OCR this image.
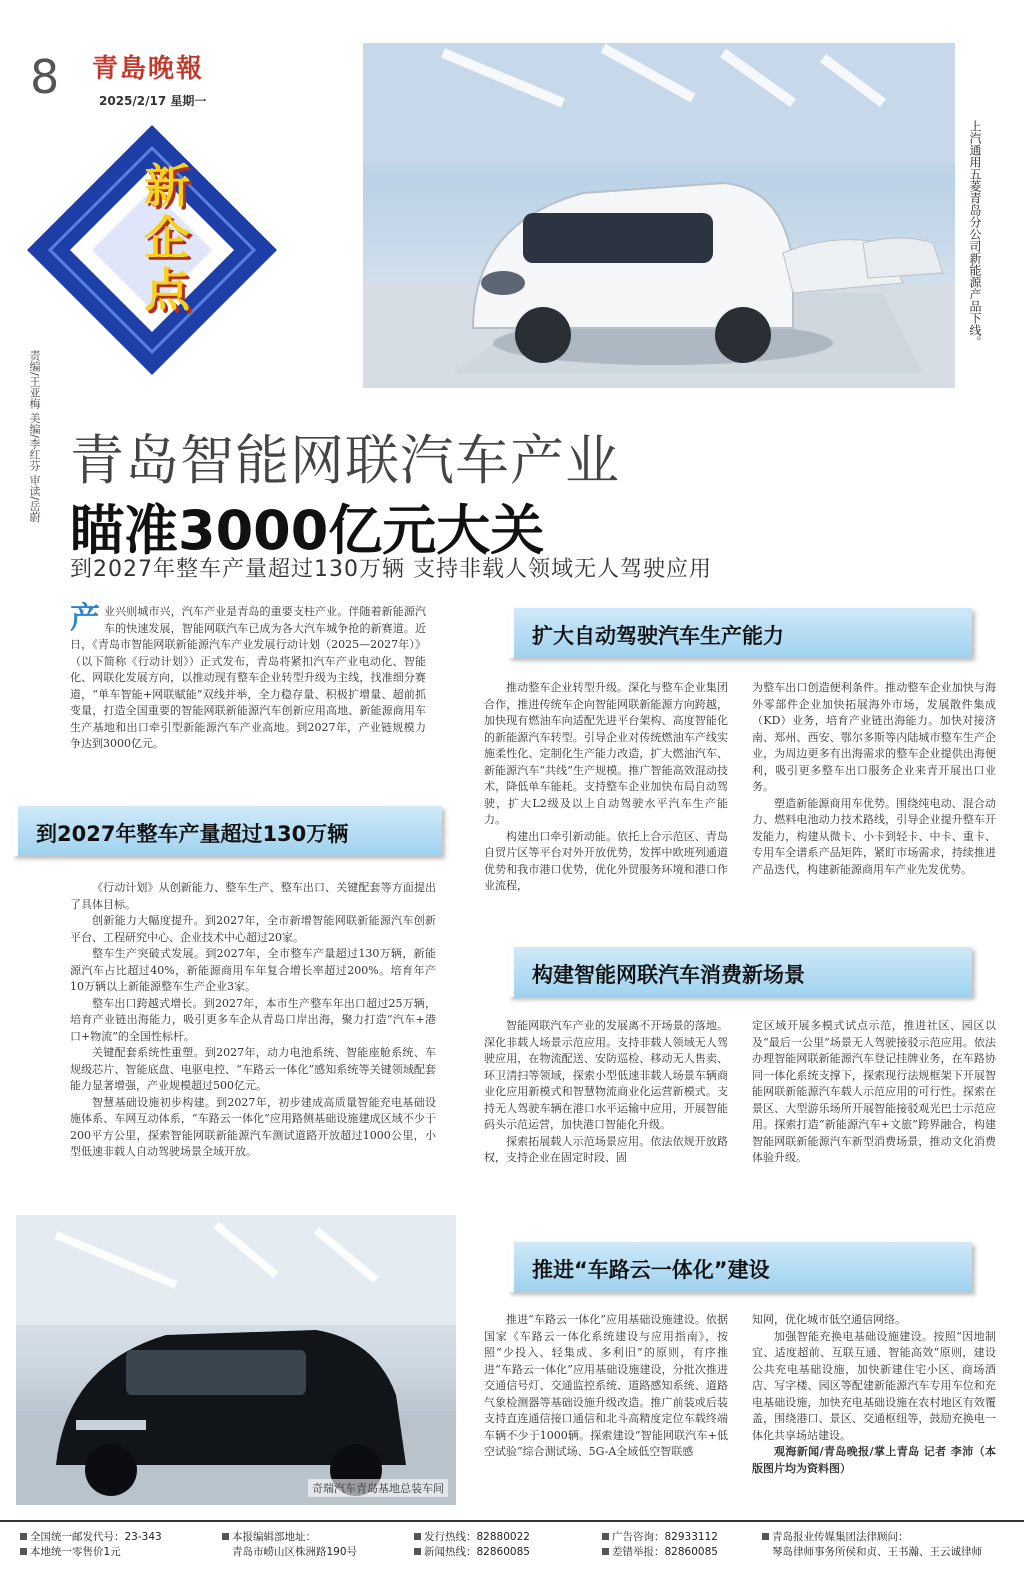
8 青島晚報
2025/2/17 星期一
新
企
点	上汽通用五菱青岛分公司新能源产品下线。
责编/王亚梅 美编/李红芬 审读/岳蔚 青岛智能网联汽车产业
瞄准3000亿元大关
到2027年整车产量超过130万辆 支持非载人领域无人驾驶应用
产业兴则城市兴，汽车产业是青岛的重要支柱产业。伴随着新能源汽车的快速发展，智能网联汽车已成为各大汽车城争抢的新赛道。近日，《青岛市智能网联新能源汽车产业发展行动计划（2025—2027年）》（以下简称《行动计划》）正式发布，青岛将紧扣汽车产业电动化、智能化、网联化发展方向，以推动现有整车企业转型升级为主线，找准细分赛道，“单车智能+网联赋能”双线并举，全力稳存量、积极扩增量、超前抓变量，打造全国重要的智能网联新能源汽车创新应用高地、新能源商用车生产基地和出口牵引型新能源汽车产业高地。到2027年，产业链规模力争达到3000亿元。
到2027年整车产量超过130万辆

《行动计划》从创新能力、整车生产、整车出口、关键配套等方面提出了具体目标。

创新能力大幅度提升。到2027年，全市新增智能网联新能源汽车创新平台、工程研究中心、企业技术中心超过20家。

整车生产突破式发展。到2027年，全市整车产量超过130万辆，新能源汽车占比超过40%，新能源商用车年复合增长率超过200%。培育年产10万辆以上新能源整车生产企业3家。

整车出口跨越式增长。到2027年，本市生产整车年出口超过25万辆，培育产业链出海能力，吸引更多车企从青岛口岸出海，聚力打造“汽车+港口+物流”的全国性标杆。

关键配套系统性重塑。到2027年，动力电池系统、智能座舱系统、车规级芯片、智能底盘、电驱电控、“车路云一体化”感知系统等关键领域配套能力显著增强，产业规模超过500亿元。

智慧基础设施初步构建。到2027年，初步建成高质量智能充电基础设施体系、车网互动体系，“车路云一体化”应用路侧基础设施建成区域不少于200平方公里，探索智能网联新能源汽车测试道路开放超过1000公里，小型低速非载人自动驾驶场景全域开放。

扩大自动驾驶汽车生产能力

推动整车企业转型升级。深化与整车企业集团合作，推进传统车企向智能网联新能源方向跨越，加快现有燃油车向适配先进平台架构、高度智能化的新能源汽车转型。引导企业对传统燃油车产线实施柔性化、定制化生产能力改造，扩大燃油汽车、新能源汽车“共线”生产规模。推广智能高效混动技术，降低单车能耗。支持整车企业加快布局自动驾驶，扩大L2级及以上自动驾驶水平汽车生产能力。

构建出口牵引新动能。依托上合示范区、青岛自贸片区等平台对外开放优势，发挥中欧班列通道优势和我市港口优势，优化外贸服务环境和港口作业流程，

为整车出口创造便利条件。推动整车企业加快与海外零部件企业加快拓展海外市场，发展散件集成（KD）业务，培育产业链出海能力。加快对接济南、郑州、西安、鄂尔多斯等内陆城市整车生产企业，为周边更多有出海需求的整车企业提供出海便利，吸引更多整车出口服务企业来青开展出口业务。

塑造新能源商用车优势。围绕纯电动、混合动力、燃料电池动力技术路线，引导企业提升整车开发能力，构建从微卡、小卡到轻卡、中卡、重卡、专用车全谱系产品矩阵，紧盯市场需求，持续推进产品迭代，构建新能源商用车产业先发优势。

构建智能网联汽车消费新场景

智能网联汽车产业的发展离不开场景的落地。深化非载人场景示范应用。支持非载人领域无人驾驶应用，在物流配送、安防巡检、移动无人售卖、环卫清扫等领域，探索小型低速非载人场景车辆商业化应用新模式和智慧物流商业化运营新模式。支持无人驾驶车辆在港口水平运输中应用，开展智能码头示范运营，加快港口智能化升级。

探索拓展载人示范场景应用。依法依规开放路权，支持企业在固定时段、固

定区域开展多模式试点示范，推进社区、园区以及“最后一公里”场景无人驾驶接驳示范应用。依法办理智能网联新能源汽车登记挂牌业务，在车路协同一体化系统支撑下，探索现行法规框架下开展智能网联新能源汽车载人示范应用的可行性。探索在景区、大型游乐场所开展智能接驳观光巴士示范应用。探索打造“新能源汽车+文旅”跨界融合，构建智能网联新能源汽车新型消费场景，推动文化消费体验升级。

推进“车路云一体化”建设

推进“车路云一体化”应用基础设施建设。依据国家《车路云一体化系统建设与应用指南》，按照“少投入、轻集成、多利旧”的原则，有序推进“车路云一体化”应用基础设施建设，分批次推进交通信号灯、交通监控系统、道路感知系统、道路气象检测器等基础设施升级改造。推广前装或后装支持直连通信接口通信和北斗高精度定位车载终端车辆不少于1000辆。探索建设“智能网联汽车+低空试验”综合测试场、5G-A全域低空智联感

知网，优化城市低空通信网络。

加强智能充换电基础设施建设。按照“因地制宜、适度超前、互联互通、智能高效”原则，建设公共充电基础设施，加快新建住宅小区、商场酒店、写字楼、园区等配建新能源汽车专用车位和充电基础设施，加快充电基础设施在农村地区有效覆盖，围绕港口、景区、交通枢纽等，鼓励充换电一体化共享场站建设。

观海新闻/青岛晚报/掌上青岛 记者 李沛（本版图片均为资料图）

奇瑞汽车青岛基地总装车间
全国统一邮发代号：23-343
本地统一零售价1元
本报编辑部地址：
青岛市崂山区株洲路190号
发行热线：82880022
新闻热线：82860085
广告咨询：82933112
差错举报：82860085
青岛报业传媒集团法律顾问：
琴岛律师事务所侯和贞、王书瀚、王云诚律师
